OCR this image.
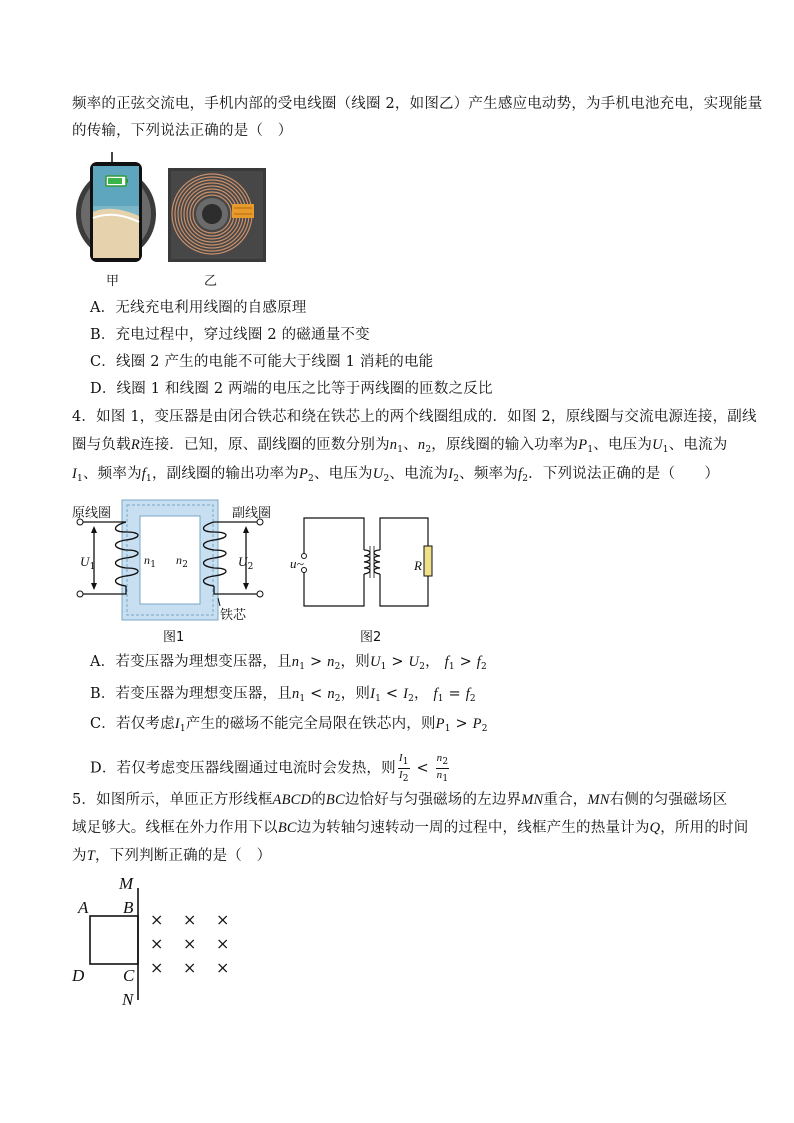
频率的正弦交流电，手机内部的受电线圈（线圈 2，如图乙）产生感应电动势，为手机电池充电，实现能量
的传输，下列说法正确的是（　）
甲	乙
A．无线充电利用线圈的自感原理
B．充电过程中，穿过线圈 2 的磁通量不变
C．线圈 2 产生的电能不可能大于线圈 1 消耗的电能
D．线圈 1 和线圈 2 两端的电压之比等于两线圈的匝数之反比
4．如图 1，变压器是由闭合铁芯和绕在铁芯上的两个线圈组成的．如图 2，原线圈与交流电源连接，副线
圈与负载R连接．已知，原、副线圈的匝数分别为$n_1$、$n_2$，原线圈的输入功率为$P_1$、电压为$U_1$、电流为
$I_1$、频率为$f_1$，副线圈的输出功率为$P_2$、电压为$U_2$、电流为$I_2$、频率为$f_2$．下列说法正确的是（　　）
原线圈	副线圈
铁芯
$U_1$	$U_2$
$n_1$ $n_2$
图1
u~	R
图2
A．若变压器为理想变压器，且$n_1 > n_2$，则$U_1 > U_2$， $f_1 > f_2$
B．若变压器为理想变压器，且$n_1 < n_2$，则$I_1 < I_2$， $f_1 = f_2$
C．若仅考虑$I_1$产生的磁场不能完全局限在铁芯内，则$P_1 > P_2$
D．若仅考虑变压器线圈通过电流时会发热，则 $\frac{I_1}{I_2} < \frac{n_2}{n_1}$
5．如图所示，单匝正方形线框ABCD的BC边恰好与匀强磁场的左边界MN重合，MN右侧的匀强磁场区
域足够大。线框在外力作用下以BC边为转轴匀速转动一周的过程中，线框产生的热量计为Q，所用的时间
为T，下列判断正确的是（　）
M
N
A B
C
D
× × ×
× × ×
× × ×
